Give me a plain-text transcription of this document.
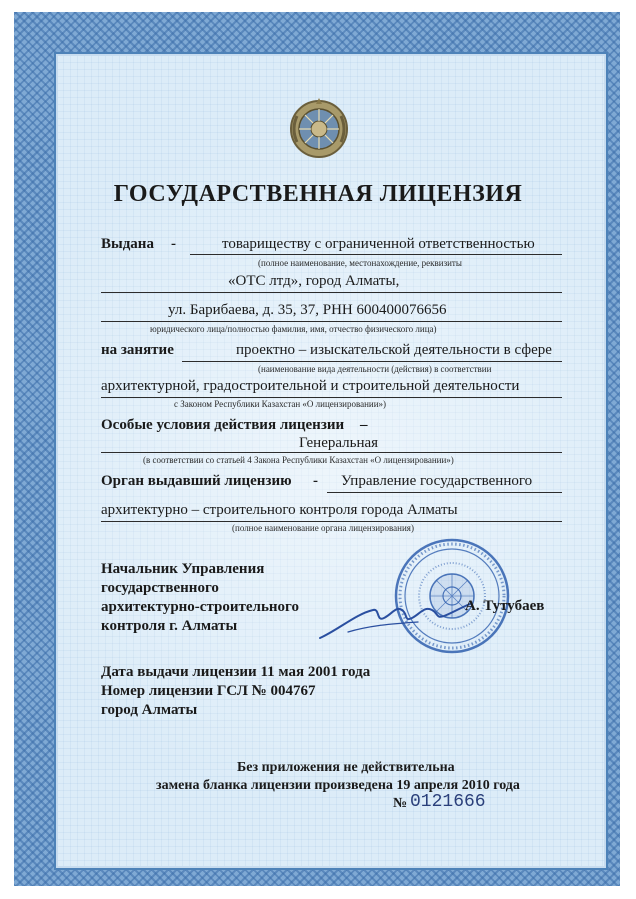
ГОСУДАРСТВЕННАЯ ЛИЦЕНЗИЯ
Выдана -	товариществу с ограниченной ответственностью
(полное наименование, местонахождение, реквизиты
«ОТС лтд», город Алматы,
ул. Барибаева, д. 35, 37, РНН 600400076656
юридического лица/полностью фамилия, имя, отчество физического лица)
на занятие	проектно – изыскательской деятельности в сфере
(наименование вида деятельности (действия) в соответствии
архитектурной, градостроительной и строительной деятельности
с Законом Республики Казахстан «О лицензировании»)
Особые условия действия лицензии –
Генеральная
(в соответствии со статьей 4 Закона Республики Казахстан «О лицензировании»)
Орган выдавший лицензию - Управление государственного
архитектурно – строительного контроля города Алматы
(полное наименование органа лицензирования)
Начальник Управления
государственного
архитектурно-строительного
контроля г. Алматы
А. Тутубаев
Дата выдачи лицензии 11 мая 2001 года
Номер лицензии ГСЛ № 004767
город Алматы
Без приложения не действительна
замена бланка лицензии произведена 19 апреля 2010 года
№ 0121666
